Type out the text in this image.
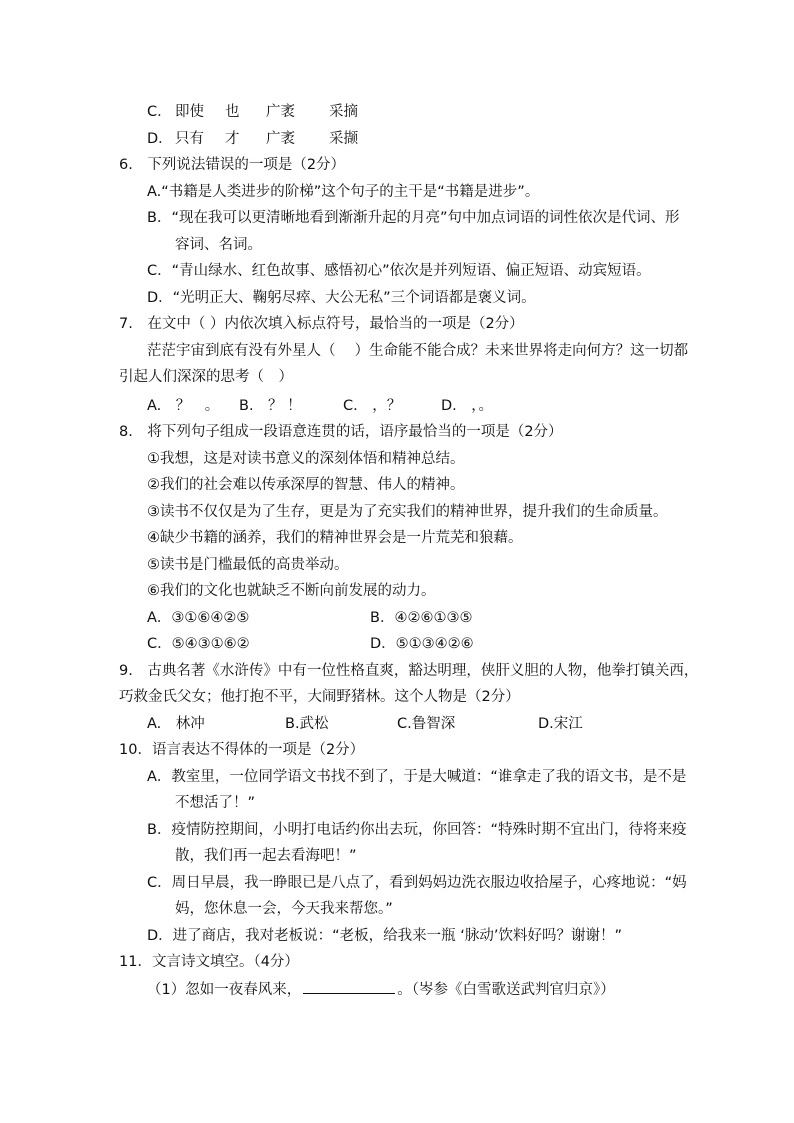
C． 即使 也 广袤 采摘
D． 只有 才 广袤 采撷
6.　下列说法错误的一项是（2分）
A.“书籍是人类进步的阶梯”这个句子的主干是“书籍是进步”。
B．“现在我可以更清晰地看到渐渐升起的月亮”句中加点词语的词性依次是代词、形
容词、名词。
C．“青山绿水、红色故事、感悟初心”依次是并列短语、偏正短语、动宾短语。
D．“光明正大、鞠躬尽瘁、大公无私”三个词语都是褒义词。
7.　在文中（ ）内依次填入标点符号，最恰当的一项是（2分）
茫茫宇宙到底有没有外星人（　 ）生命能不能合成？未来世界将走向何方？这一切都
引起人们深深的思考（　）
A.　？　。 B.　？ ！	C.　，？	D.　，。
8.　将下列句子组成一段语意连贯的话，语序最恰当的一项是（2分）
①我想，这是对读书意义的深刻体悟和精神总结。
②我们的社会难以传承深厚的智慧、伟人的精神。
③读书不仅仅是为了生存，更是为了充实我们的精神世界，提升我们的生命质量。
④缺少书籍的涵养，我们的精神世界会是一片荒芜和狼藉。
⑤读书是门槛最低的高贵举动。
⑥我们的文化也就缺乏不断向前发展的动力。
A．③①⑥④②⑤	B．④②⑥①③⑤
C．⑤④③①⑥②	D．⑤①③④②⑥
9.　古典名著《水浒传》中有一位性格直爽，豁达明理，侠肝义胆的人物，他拳打镇关西，
巧救金氏父女；他打抱不平，大闹野猪林。这个人物是（2分）
A.　林冲	B.武松	C.鲁智深	D.宋江
10．语言表达不得体的一项是（2分）
A．教室里，一位同学语文书找不到了，于是大喊道：“谁拿走了我的语文书，是不是
不想活了！”
B．疫情防控期间，小明打电话约你出去玩，你回答：“特殊时期不宜出门，待将来疫
散，我们再一起去看海吧！”
C．周日早晨，我一睁眼已是八点了，看到妈妈边洗衣服边收拾屋子，心疼地说：“妈
妈，您休息一会，今天我来帮您。”
D．进了商店，我对老板说：“老板，给我来一瓶 ‘脉动’饮料好吗？谢谢！”
11．文言诗文填空。（4分）
（1）忽如一夜春风来，	。（岑参《白雪歌送武判官归京》）
